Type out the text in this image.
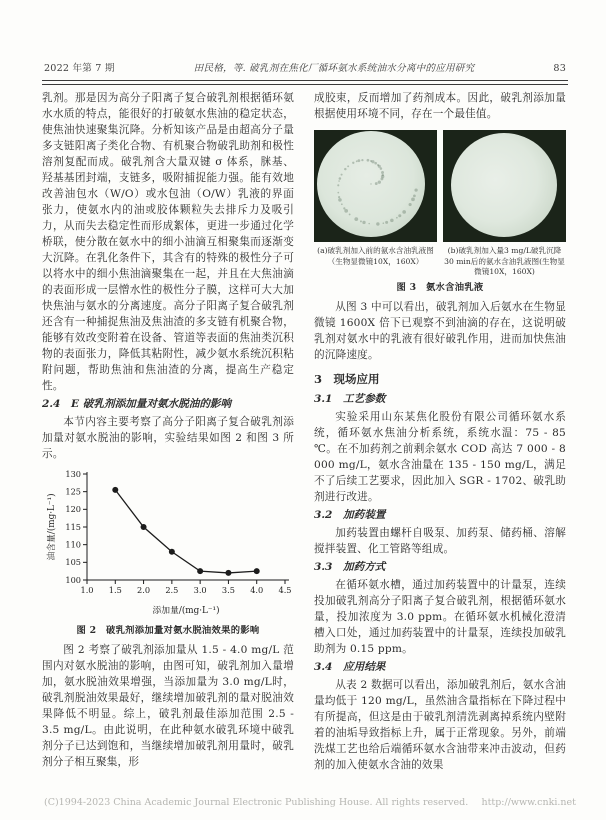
2022 年第 7 期	田民格，等. 破乳剂在焦化厂循环氨水系统油水分离中的应用研究	83

乳剂。那是因为高分子阳离子复合破乳剂根据循环氨水水质的特点，能很好的打破氨水焦油的稳定状态，使焦油快速聚集沉降。分析知该产品是由超高分子量多支链阳离子类化合物、有机聚合物破乳助剂和极性溶剂复配而成。破乳剂含大量双键 σ 体系，脒基、羟基基团封端，支链多，吸附捕捉能力强。能有效地改善油包水（W/O）或水包油（O/W）乳液的界面张力，使氨水内的油或胶体颗粒失去排斥力及吸引力，从而失去稳定性而形成絮体，更进一步通过化学桥联，使分散在氨水中的细小油滴互相聚集而逐渐变大沉降。在乳化条件下，其含有的特殊的极性分子可以将水中的细小焦油滴聚集在一起，并且在大焦油滴的表面形成一层憎水性的极性分子膜，这样可大大加快焦油与氨水的分离速度。高分子阳离子复合破乳剂还含有一种捕捉焦油及焦油渣的多支链有机聚合物，能够有效改变附着在设备、管道等表面的焦油类沉积物的表面张力，降低其粘附性，减少氨水系统沉积粘附问题，帮助焦油和焦油渣的分离，提高生产稳定性。

2.4　E 破乳剂添加量对氨水脱油的影响

本节内容主要考察了高分子阳离子复合破乳剂添加量对氨水脱油的影响，实验结果如图 2 和图 3 所示。

100
105
110
115
120
125
130
1.0 1.5 2.0 2.5 3.0 3.5 4.0 4.5
添加量/(mg·L⁻¹)
油含量/(mg·L⁻¹)
图 2　破乳剂添加量对氨水脱油效果的影响

图 2 考察了破乳剂添加量从 1.5 - 4.0 mg/L 范围内对氨水脱油的影响，由图可知，破乳剂加入量增加，氨水脱油效果增强，当添加量为 3.0 mg/L时，破乳剂脱油效果最好，继续增加破乳剂的量对脱油效果降低不明显。综上，破乳剂最佳添加范围 2.5 - 3.5 mg/L。由此说明，在此种氨水破乳环境中破乳剂分子已达到饱和，当继续增加破乳剂用量时，破乳剂分子相互聚集，形

成胶束，反而增加了药剂成本。因此，破乳剂添加量根据使用环境不同，存在一个最佳值。

(a)破乳剂加入前的氨水含油乳液图（生物显微镜10X，160X）
(b)破乳剂加入量3 mg/L破乳沉降30 min后的氨水含油乳液图(生物显微镜10X，160X)
图 3　氨水含油乳液

从图 3 中可以看出，破乳剂加入后氨水在生物显微镜 1600X 倍下已观察不到油滴的存在，这说明破乳剂对氨水中的乳液有很好破乳作用，进而加快焦油的沉降速度。

3　现场应用

3.1　工艺参数

实验采用山东某焦化股份有限公司循环氨水系统，循环氨水焦油分析系统，系统水温：75 - 85 ℃。在不加药剂之前剩余氨水 COD 高达 7 000 - 8 000 mg/L，氨水含油量在 135 - 150 mg/L，满足不了后续工艺要求，因此加入 SGR - 1702、破乳助剂进行改进。

3.2　加药装置

加药装置由螺杆自吸泵、加药泵、储药桶、溶解搅拌装置、化工管路等组成。

3.3　加药方式

在循环氨水槽，通过加药装置中的计量泵，连续投加破乳剂高分子阳离子复合破乳剂，根据循环氨水量，投加浓度为 3.0 ppm。在循环氨水机械化澄清槽入口处，通过加药装置中的计量泵，连续投加破乳助剂为 0.15 ppm。

3.4　应用结果

从表 2 数据可以看出，添加破乳剂后，氨水含油量均低于 120 mg/L，虽然油含量指标在下降过程中有所提高，但这是由于破乳剂清洗剥离掉系统内壁附着的油垢导致指标上升，属于正常现象。另外，前端洗煤工艺也给后端循环氨水含油带来冲击波动，但药剂的加入使氨水含油的效果

(C)1994-2023 China Academic Journal Electronic Publishing House. All rights reserved. http://www.cnki.net
